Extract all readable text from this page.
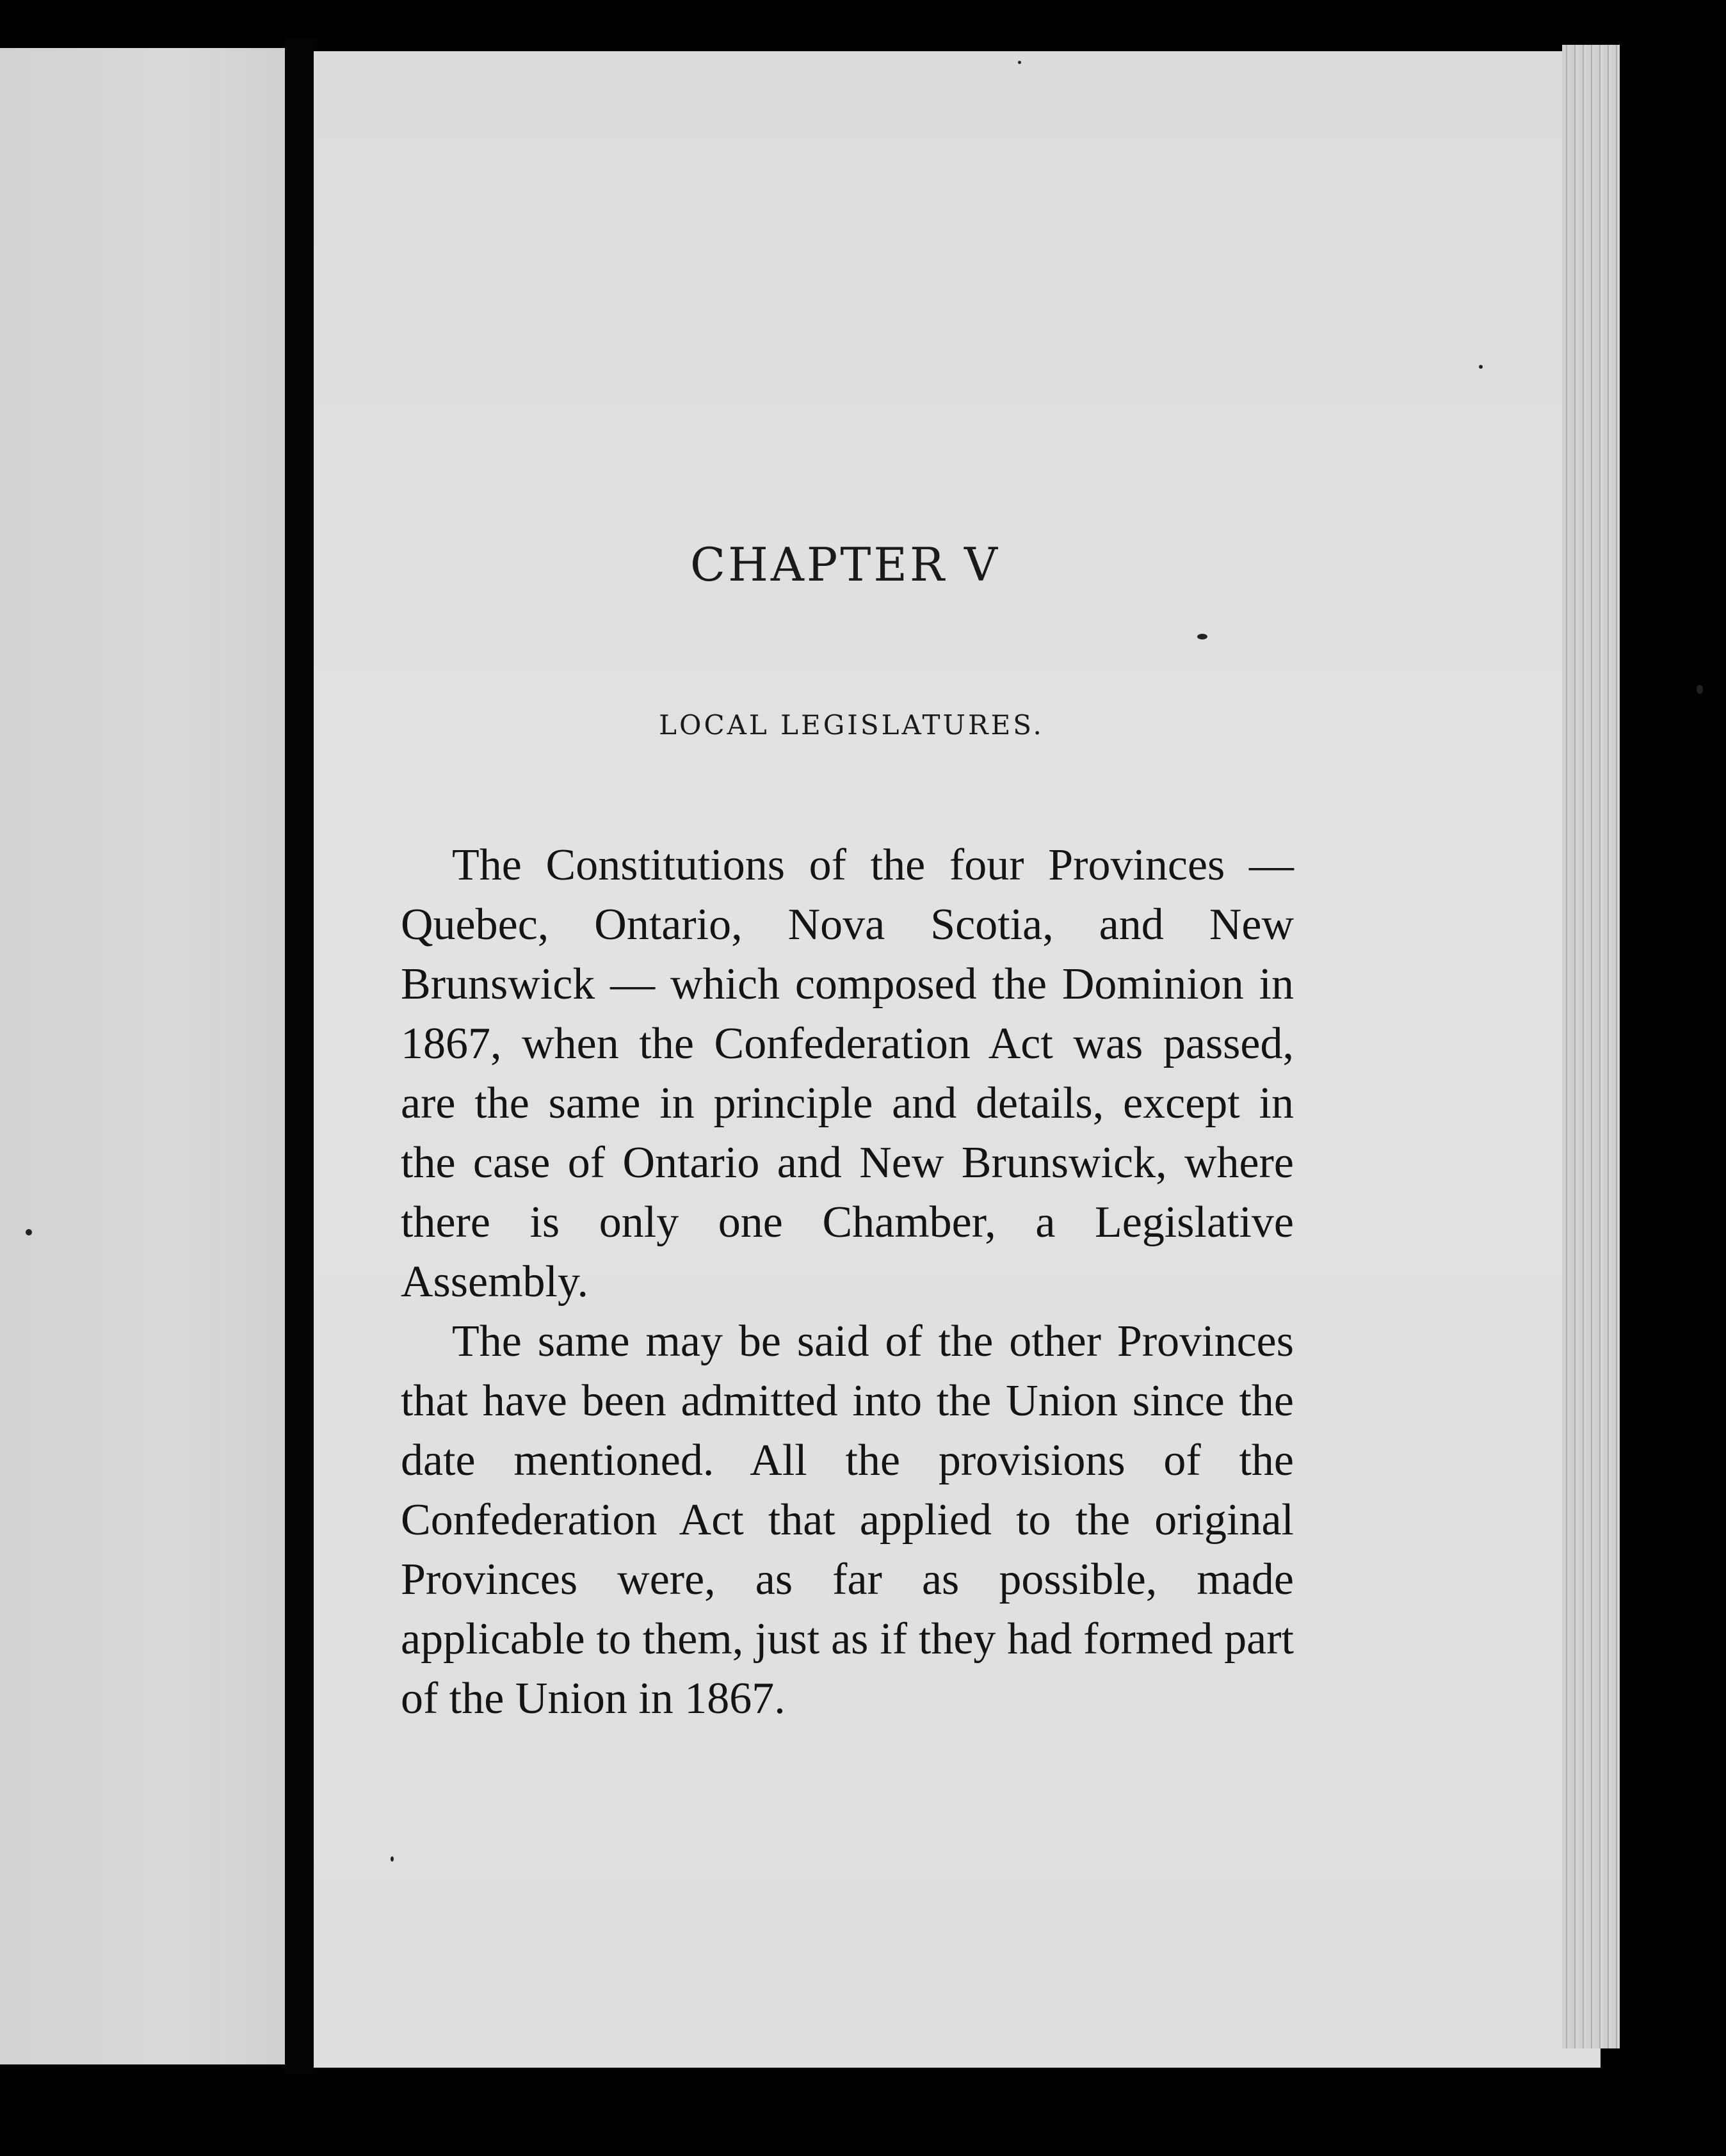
CHAPTER V
LOCAL LEGISLATURES.

The Constitutions of the four Provinces — Quebec, Ontario, Nova Scotia, and New Brunswick — which composed the Dominion in 1867, when the Confederation Act was passed, are the same in principle and details, except in the case of Ontario and New Brunswick, where there is only one Chamber, a Legislative Assembly.

The same may be said of the other Provinces that have been admitted into the Union since the date mentioned. All the provisions of the Confederation Act that applied to the original Provinces were, as far as possible, made applicable to them, just as if they had formed part of the Union in 1867.
